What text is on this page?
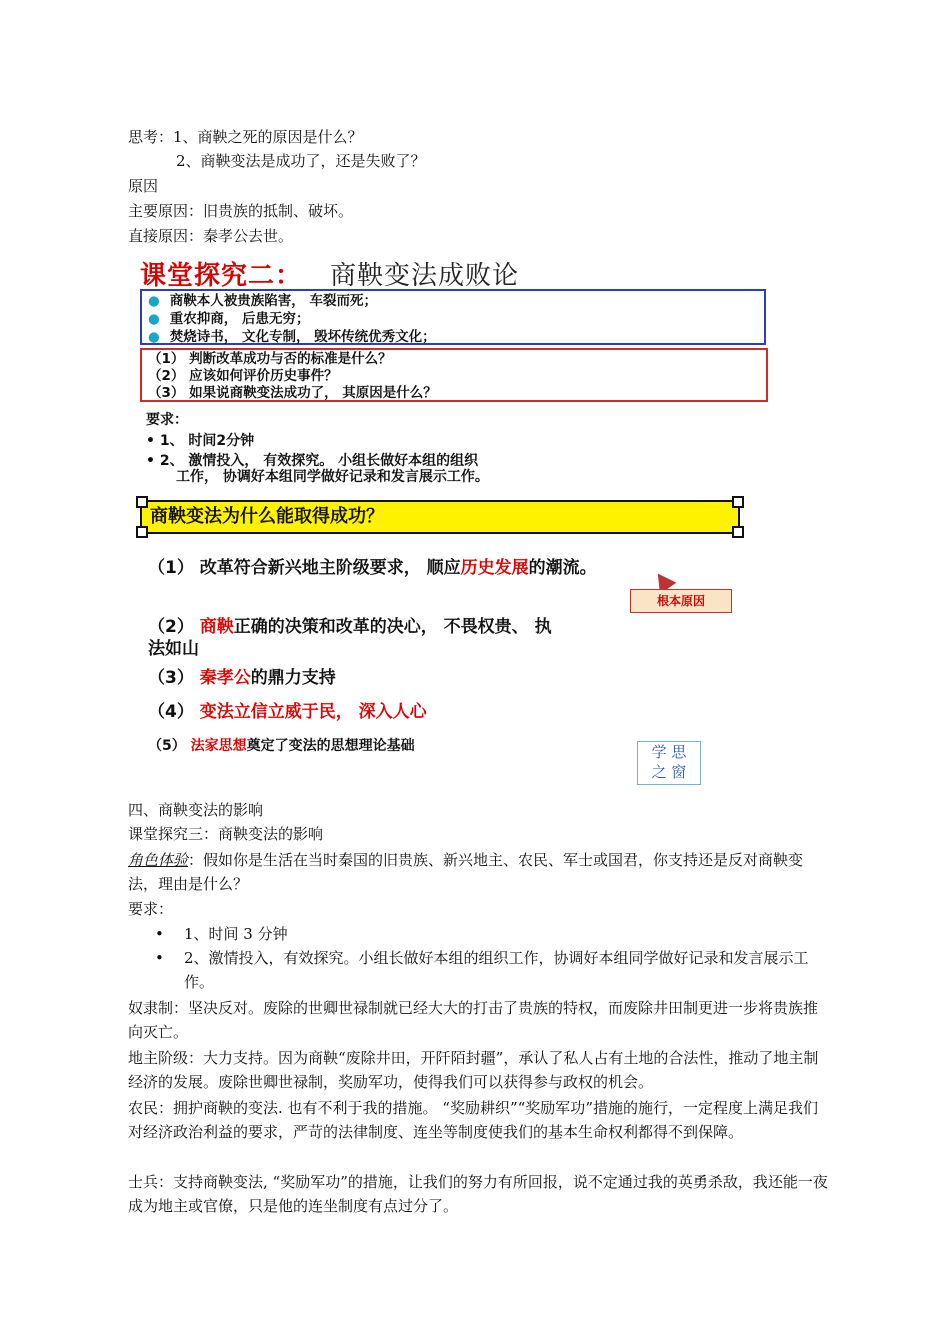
思考：1、商鞅之死的原因是什么？
2、商鞅变法是成功了，还是失败了？
原因
主要原因：旧贵族的抵制、破坏。
直接原因：秦孝公去世。
课堂探究二： 商鞅变法成败论
● 商鞅本人被贵族陷害， 车裂而死；
● 重农抑商， 后患无穷；
● 焚烧诗书， 文化专制， 毁坏传统优秀文化；
（1） 判断改革成功与否的标准是什么？
（2） 应该如何评价历史事件？
（3） 如果说商鞅变法成功了， 其原因是什么？
要求：
• 1、 时间2分钟
• 2、 激情投入， 有效探究。 小组长做好本组的组织
工作， 协调好本组同学做好记录和发言展示工作。
商鞅变法为什么能取得成功？
（1） 改革符合新兴地主阶级要求， 顺应历史发展的潮流。
根本原因
（2） 商鞅正确的决策和改革的决心， 不畏权贵、 执
法如山
（3） 秦孝公的鼎力支持
（4） 变法立信立威于民， 深入人心
（5） 法家思想奠定了变法的思想理论基础	学 思
之 窗
四、商鞅变法的影响
课堂探究三：商鞅变法的影响
角色体验：假如你是生活在当时秦国的旧贵族、新兴地主、农民、军士或国君，你支持还是反对商鞅变法，理由是什么？
要求：
• 1、时间 3 分钟
• 2、激情投入，有效探究。小组长做好本组的组织工作，协调好本组同学做好记录和发言展示工作。
奴隶制：坚决反对。废除的世卿世禄制就已经大大的打击了贵族的特权，而废除井田制更进一步将贵族推向灭亡。
地主阶级：大力支持。因为商鞅“废除井田，开阡陌封疆”，承认了私人占有土地的合法性，推动了地主制经济的发展。废除世卿世禄制，奖励军功，使得我们可以获得参与政权的机会。
农民：拥护商鞅的变法. 也有不利于我的措施。 “奖励耕织”“奖励军功”措施的施行，一定程度上满足我们对经济政治利益的要求，严苛的法律制度、连坐等制度使我们的基本生命权利都得不到保障。
士兵：支持商鞅变法, “奖励军功”的措施，让我们的努力有所回报，说不定通过我的英勇杀敌，我还能一夜成为地主或官僚，只是他的连坐制度有点过分了。
